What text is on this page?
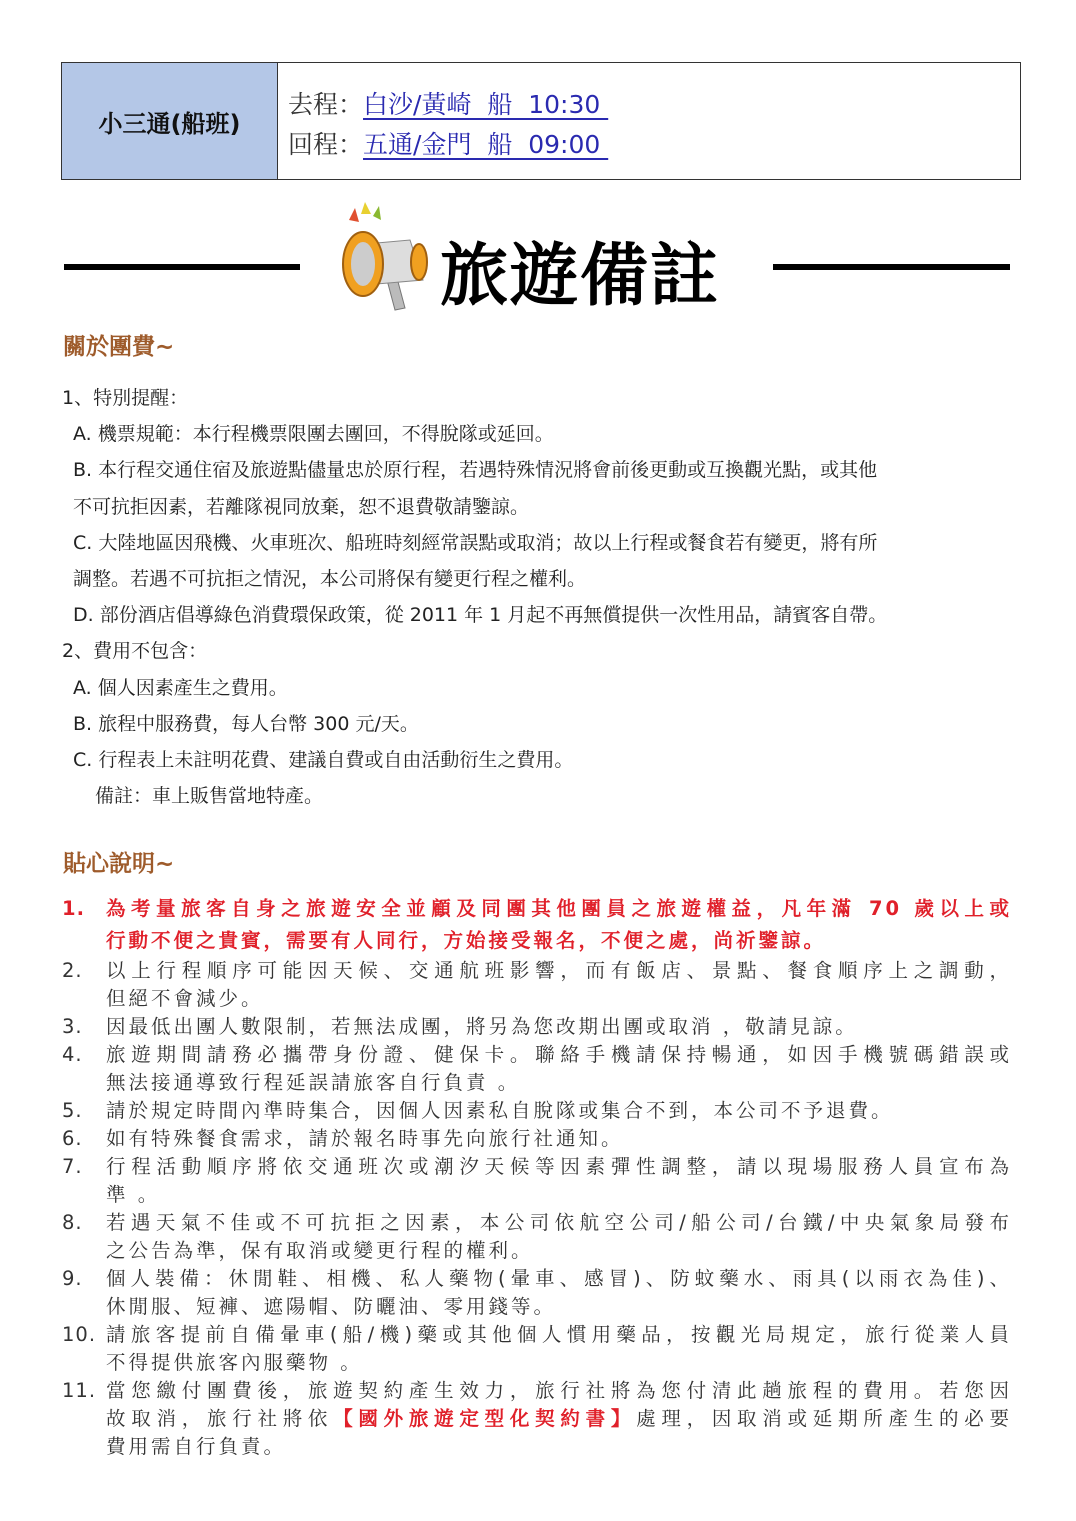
小三通(船班)
去程：白沙/黃崎  船  10:30
回程：五通/金門  船  09:00
旅遊備註
關於團費~
1、特別提醒：
A. 機票規範：本行程機票限團去團回，不得脫隊或延回。
B. 本行程交通住宿及旅遊點儘量忠於原行程，若遇特殊情況將會前後更動或互換觀光點，或其他
不可抗拒因素，若離隊視同放棄，恕不退費敬請鑒諒。
C. 大陸地區因飛機、火車班次、船班時刻經常誤點或取消；故以上行程或餐食若有變更，將有所
調整。若遇不可抗拒之情況，本公司將保有變更行程之權利。
D. 部份酒店倡導綠色消費環保政策，從 2011 年 1 月起不再無償提供一次性用品，請賓客自帶。
2、費用不包含：
A. 個人因素產生之費用。
B. 旅程中服務費，每人台幣 300 元/天。
C. 行程表上未註明花費、建議自費或自由活動衍生之費用。
備註：車上販售當地特產。
貼心說明~
1.	為考量旅客自身之旅遊安全並顧及同團其他團員之旅遊權益，凡年滿 70 歲以上或
行動不便之貴賓，需要有人同行，方始接受報名，不便之處，尚祈鑒諒。
2.	以上行程順序可能因天候、交通航班影響，而有飯店、景點、餐食順序上之調動，
但絕不會減少。
3.	因最低出團人數限制，若無法成團，將另為您改期出團或取消 ，敬請見諒。
4.	旅遊期間請務必攜帶身份證、健保卡。聯絡手機請保持暢通，如因手機號碼錯誤或
無法接通導致行程延誤請旅客自行負責 。
5.	請於規定時間內準時集合，因個人因素私自脫隊或集合不到，本公司不予退費。
6.	如有特殊餐食需求，請於報名時事先向旅行社通知。
7.	行程活動順序將依交通班次或潮汐天候等因素彈性調整，請以現場服務人員宣布為
準 。
8.	若遇天氣不佳或不可抗拒之因素，本公司依航空公司/船公司/台鐵/中央氣象局發布
之公告為準，保有取消或變更行程的權利。
9.	個人裝備：休閒鞋、相機、私人藥物(暈車、感冒)、防蚊藥水、雨具(以雨衣為佳)、
休閒服、短褲、遮陽帽、防曬油、零用錢等。
10. 請旅客提前自備暈車(船/機)藥或其他個人慣用藥品，按觀光局規定，旅行從業人員
不得提供旅客內服藥物 。
11. 當您繳付團費後，旅遊契約產生效力，旅行社將為您付清此趟旅程的費用。若您因
故取消，旅行社將依【國外旅遊定型化契約書】處理，因取消或延期所產生的必要
費用需自行負責。
